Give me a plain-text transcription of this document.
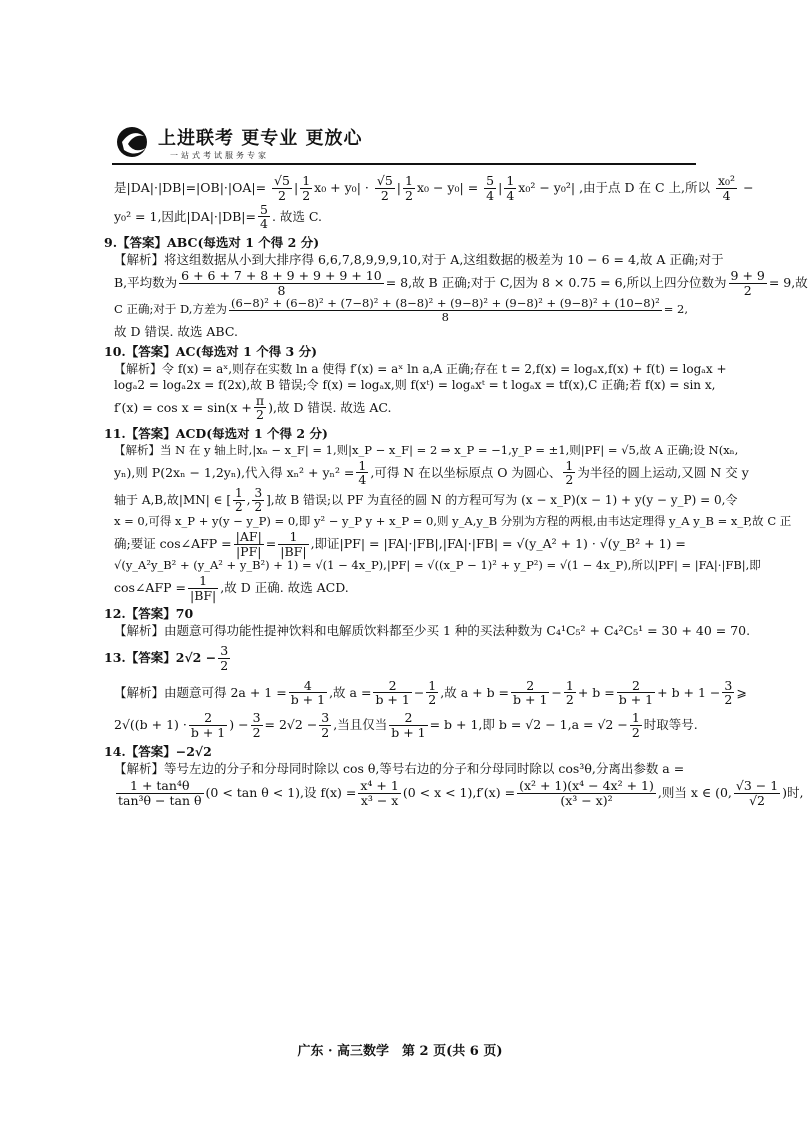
上进联考 更专业 更放心
一站式考试服务专家
是$|DA|\cdot|DB|=|OB|\cdot|OA|= \frac{√5}{2}$ | $\frac{1}{2} x_0 + y_0| \cdot \frac{√5}{2}$ | $\frac{1}{2} x_0 - y_0| = \frac{5}{4}$ | $\frac{1}{4} x_0^2 - y_0^2|$ ,由于点 D 在 C 上,所以 $\frac{\text{x₀²}}{4}$ −
y₀² = 1,因此$|DA|\cdot|DB|= \frac{5}{4}$ . 故选 C.
9.【答案】ABC(每选对 1 个得 2 分)
【解析】将这组数据从小到大排序得 6,6,7,8,9,9,9,10,对于 A,这组数据的极差为 10 − 6 = 4,故 A 正确;对于
B,平均数为 $\frac{6 + 6 + 7 + 8 + 9 + 9 + 9 + 10}{8} = 8$,故 B 正确;对于 C,因为 8 × 0.75 = 6,所以上四分位数为 $\frac{9 + 9}{2} = 9$,故
C 正确;对于 D,方差为 (6−8)² + (6−8)² + (7−8)² + (8−8)² + (9−8)² + (9−8)² + (9−8)² + (10−8)²
8
= 2,
故 D 错误. 故选 ABC.
10.【答案】AC(每选对 1 个得 3 分)
【解析】令 f(x) = aˣ,则存在实数 ln a 使得 f′(x) = aˣ ln a,A 正确;存在 t = 2,f(x) = logₐx,f(x) + f(t) = logₐx +
logₐ2 = logₐ2x = f(2x),故 B 错误;令 f(x) = logₐx,则 f(xᵗ) = logₐxᵗ = t logₐx = tf(x),C 正确;若 f(x) = sin x,
$f'(x) = \cos x = \sin(x + \frac{\pi}{2}$ ),故 D 错误. 故选 AC.
11.【答案】ACD(每选对 1 个得 2 分)
【解析】当 N 在 y 轴上时,|xₙ − x_F| = 1,则|x_P − x_F| = 2 ⇒ x_P = −1,y_P = ±1,则|PF| = √5,故 A 正确;设 N(xₙ,
yₙ),则 P(2xₙ − 1,2yₙ),代入得 $x_n^2 + y_n^2 = \frac{1}{4}$ ,可得 N 在以坐标原点 O 为圆心、 $\frac{1}{2}$ 为半径的圆上运动,又圆 N 交 y
轴于 A,B,故|MN| ∈ [ $\frac{1}{2}$ , $\frac{3}{2}$ ],故 B 错误;以 PF 为直径的圆 N 的方程可写为 (x − x_P)(x − 1) + y(y − y_P) = 0,令
x = 0,可得 x_P + y(y − y_P) = 0,即 y² − y_P y + x_P = 0,则 y_A,y_B 分别为方程的两根,由韦达定理得 y_A y_B = x_P,故 C 正
确;要证 cos∠AFP = $\frac{|AF|}{|PF|} = \frac{1}{|BF|}$ ,即证|PF| = |FA|·|FB|,|FA|·|FB| = √(y_A² + 1) · √(y_B² + 1) =
√(y_A²y_B² + (y_A² + y_B²) + 1) = √(1 − 4x_P),|PF| = √((x_P − 1)² + y_P²) = √(1 − 4x_P),所以|PF| = |FA|·|FB|,即
cos∠AFP = $\frac{1}{|BF|}$ ,故 D 正确. 故选 ACD.
12.【答案】70
【解析】由题意可得功能性提神饮料和电解质饮料都至少买 1 种的买法种数为 C₄¹C₅² + C₄²C₅¹ = 30 + 40 = 70.
13.【答案】$2√2 - \frac{3}{2}$
【解析】由题意可得 $2a + 1 = \frac{4}{b + 1}$ ,故 $a = \frac{2}{b + 1} - \frac{1}{2}$ ,故 $a + b = \frac{2}{b + 1} - \frac{1}{2} + b = \frac{2}{b + 1} + b + 1 - \frac{3}{2}$ ⩾
$2√((b + 1) \cdot \frac{2}{b + 1}$ ) − $\frac{3}{2} = 2√2 - \frac{3}{2}$ ,当且仅当 $\frac{2}{b + 1} = b + 1$,即 $b = √2 - 1,a = √2 - \frac{1}{2}$ 时取等号.
14.【答案】−2√2
【解析】等号左边的分子和分母同时除以 cos θ,等号右边的分子和分母同时除以 cos³θ,分离出参数 a =
$\frac{\text{1 + tan⁴θ}}{\text{tan³θ − tan θ}} (0 < \tan \theta < 1)$,设 $f(x) = \frac{\text{x⁴ + 1}}{\text{x³ − x}} (0 < x < 1),f'(x) = \frac{\text{(x² + 1)(x⁴ − 4x² + 1)}}{\text{(x³ − x)²}}$ ,则当 x ∈ (0, $\frac{√3 - 1}{√2}$ )时,
广东 · 高三数学　第 2 页(共 6 页)
